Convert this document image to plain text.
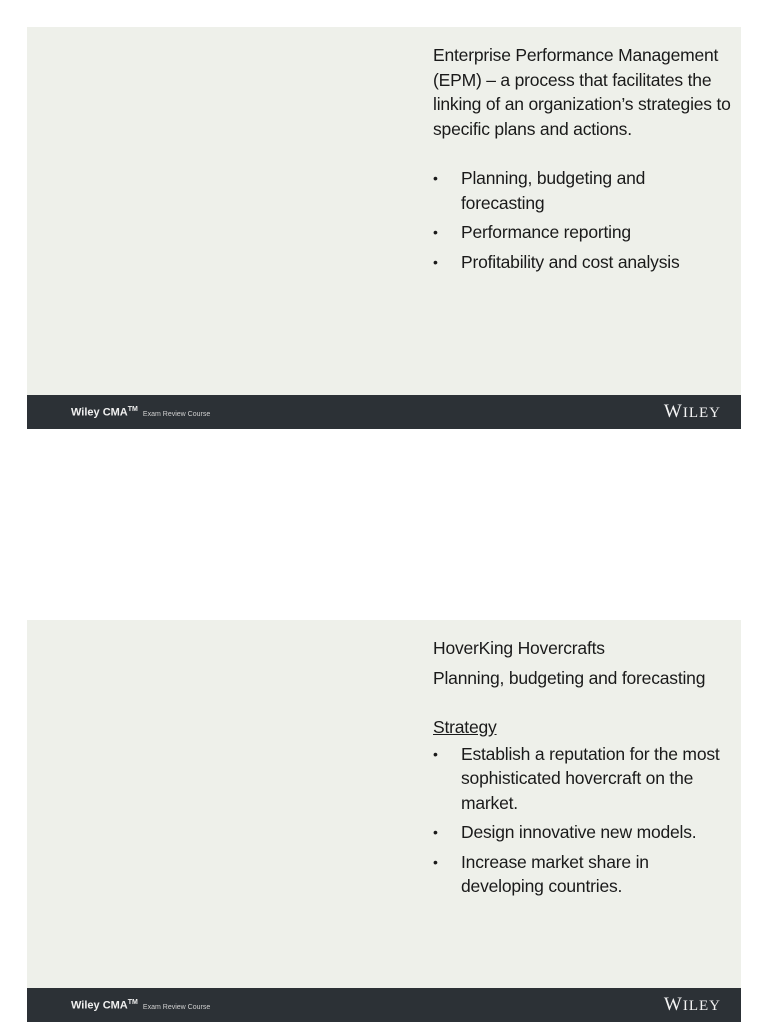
Enterprise Performance Management (EPM) – a process that facilitates the linking of an organization’s strategies to specific plans and actions.

• Planning, budgeting and forecasting
• Performance reporting
• Profitability and cost analysis
Wiley CMA™ Exam Review Course	WILEY

HoverKing Hovercrafts

Planning, budgeting and forecasting

Strategy

• Establish a reputation for the most sophisticated hovercraft on the market.
• Design innovative new models.
• Increase market share in developing countries.
Wiley CMA™ Exam Review Course	WILEY
